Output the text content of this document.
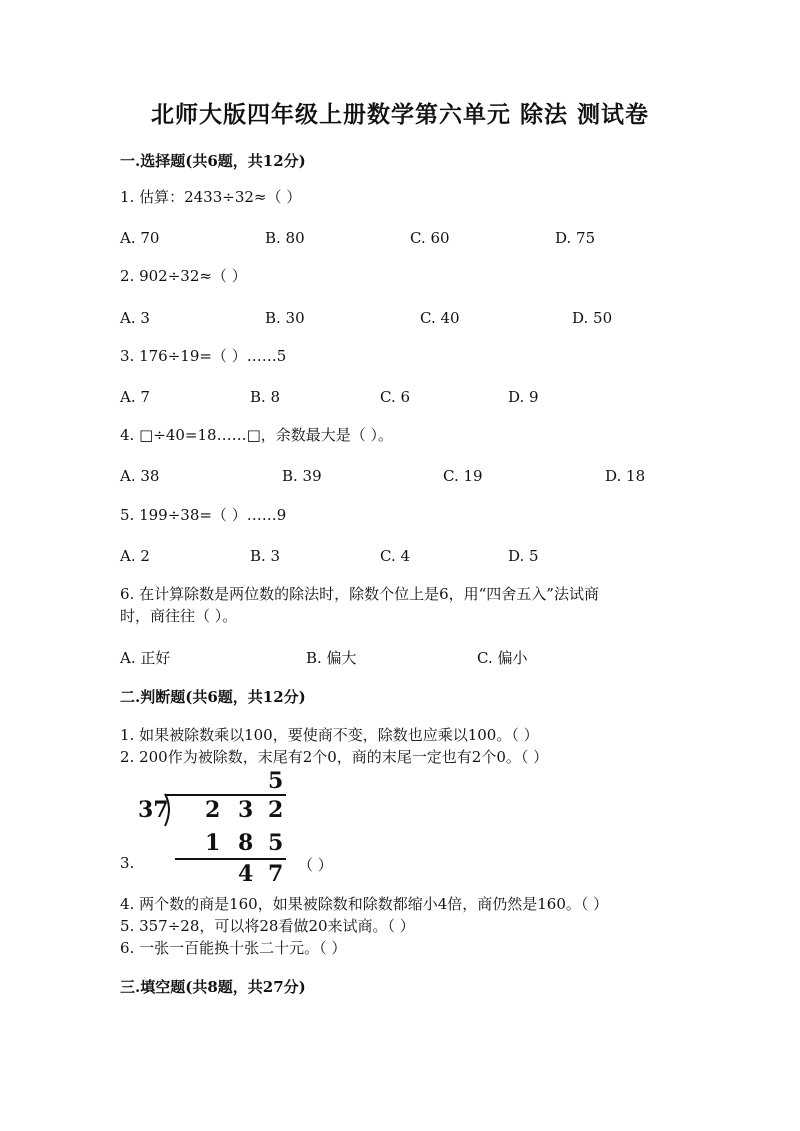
北师大版四年级上册数学第六单元 除法 测试卷
一.选择题(共6题，共12分)
1. 估算：2433÷32≈（ ）
A. 70	B. 80	C. 60	D. 75
2. 902÷32≈（ ）
A. 3	B. 30	C. 40	D. 50
3. 176÷19=（ ）……5
A. 7	B. 8	C. 6	D. 9
4. □÷40=18……□，余数最大是（ ）。
A. 38	B. 39	C. 19	D. 18
5. 199÷38=（ ）……9
A. 2	B. 3	C. 4	D. 5
6. 在计算除数是两位数的除法时，除数个位上是6，用“四舍五入”法试商
时，商往往（ ）。
A. 正好	B. 偏大	C. 偏小
二.判断题(共6题，共12分)
1. 如果被除数乘以100，要使商不变，除数也应乘以100。（ ）
2. 200作为被除数，末尾有2个0，商的末尾一定也有2个0。（ ）
5
37 2 3 2
1 8 5
4 7
3.	（ ）
4. 两个数的商是160，如果被除数和除数都缩小4倍，商仍然是160。（ ）
5. 357÷28，可以将28看做20来试商。（ ）
6. 一张一百能换十张二十元。（ ）
三.填空题(共8题，共27分)
